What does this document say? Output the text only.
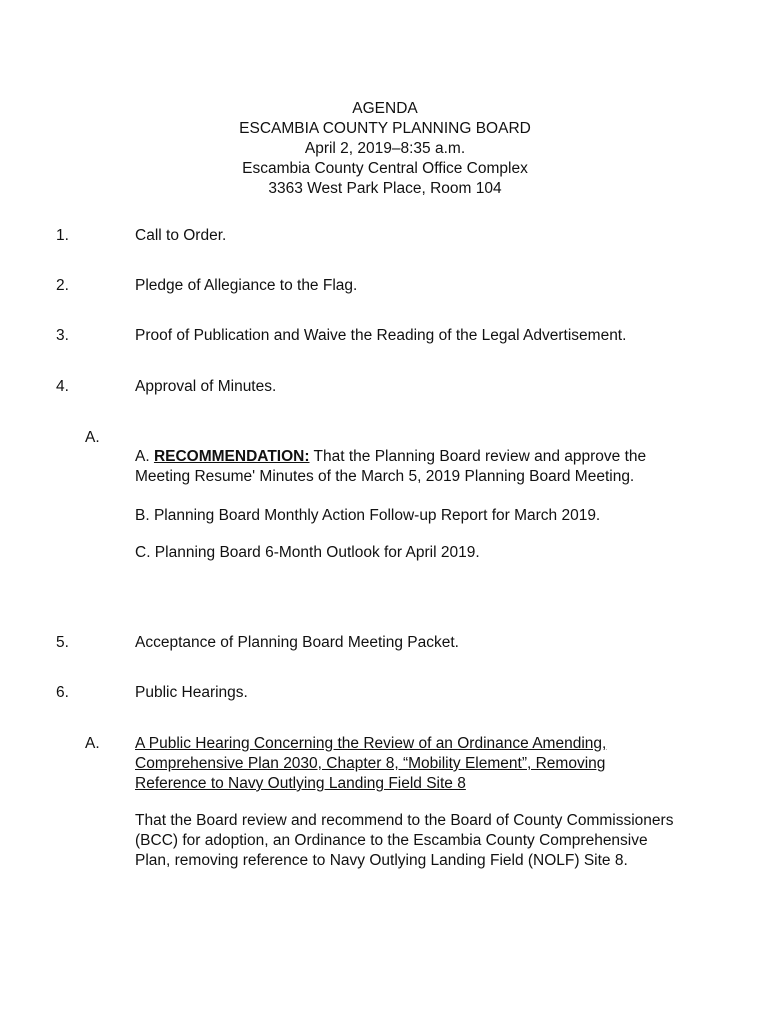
AGENDA
ESCAMBIA COUNTY PLANNING BOARD
April 2, 2019–8:35 a.m.
Escambia County Central Office Complex
3363 West Park Place, Room 104
1.	Call to Order.
2.	Pledge of Allegiance to the Flag.
3.	Proof of Publication and Waive the Reading of the Legal Advertisement.
4.	Approval of Minutes.
A.

A. RECOMMENDATION: That the Planning Board review and approve the Meeting Resume' Minutes of the March 5, 2019 Planning Board Meeting.

B. Planning Board Monthly Action Follow-up Report for March 2019.
C. Planning Board 6-Month Outlook for April 2019.
5.	Acceptance of Planning Board Meeting Packet.
6.	Public Hearings.
A. A Public Hearing Concerning the Review of an Ordinance Amending,
Comprehensive Plan 2030, Chapter 8, “Mobility Element”, Removing
Reference to Navy Outlying Landing Field Site 8

That the Board review and recommend to the Board of County Commissioners (BCC) for adoption, an Ordinance to the Escambia County Comprehensive Plan, removing reference to Navy Outlying Landing Field (NOLF) Site 8.
